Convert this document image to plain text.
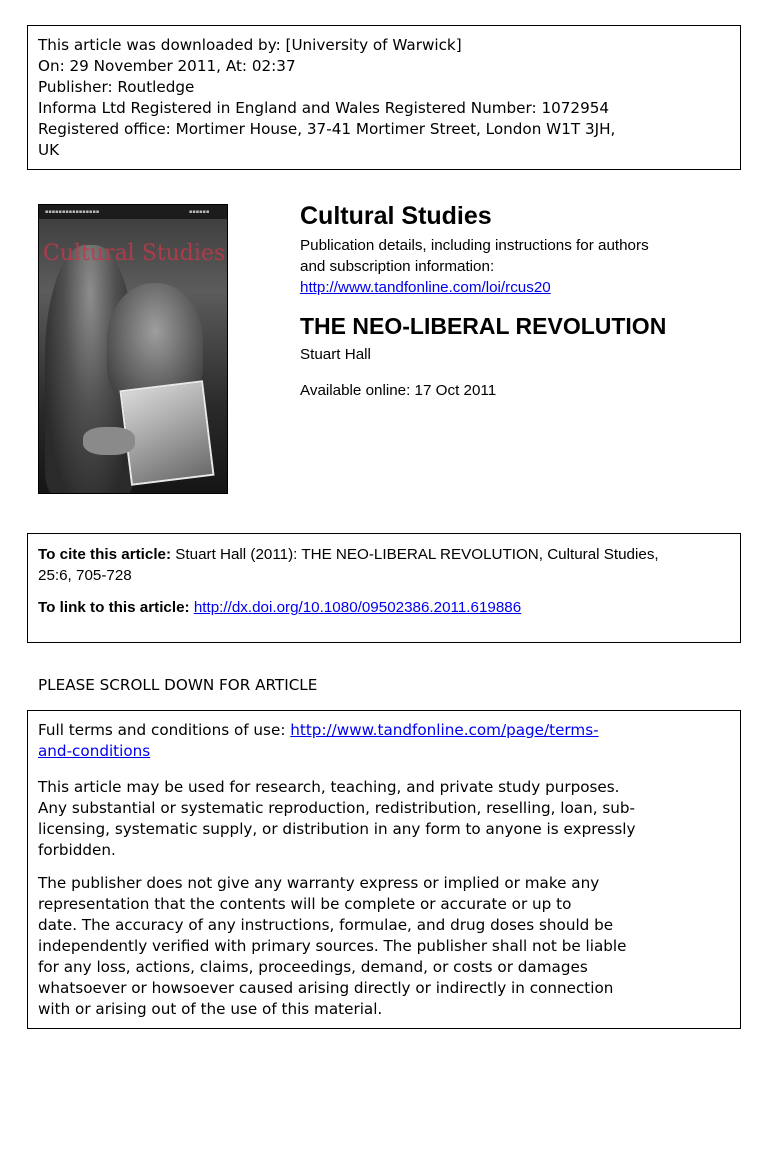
This article was downloaded by: [University of Warwick]
On: 29 November 2011, At: 02:37
Publisher: Routledge
Informa Ltd Registered in England and Wales Registered Number: 1072954
Registered office: Mortimer House, 37-41 Mortimer Street, London W1T 3JH,
UK
▪▪▪▪▪▪▪▪▪▪▪▪▪▪▪▪	▪▪▪▪▪▪
Cultural Studies
Cultural Studies
Publication details, including instructions for authors
and subscription information:
http://www.tandfonline.com/loi/rcus20
THE NEO-LIBERAL REVOLUTION
Stuart Hall
Available online: 17 Oct 2011
To cite this article: Stuart Hall (2011): THE NEO-LIBERAL REVOLUTION, Cultural Studies,
25:6, 705-728
To link to this article: http://dx.doi.org/10.1080/09502386.2011.619886
PLEASE SCROLL DOWN FOR ARTICLE
Full terms and conditions of use: http://www.tandfonline.com/page/terms-
and-conditions
This article may be used for research, teaching, and private study purposes.
Any substantial or systematic reproduction, redistribution, reselling, loan, sub-
licensing, systematic supply, or distribution in any form to anyone is expressly
forbidden.
The publisher does not give any warranty express or implied or make any
representation that the contents will be complete or accurate or up to
date. The accuracy of any instructions, formulae, and drug doses should be
independently verified with primary sources. The publisher shall not be liable
for any loss, actions, claims, proceedings, demand, or costs or damages
whatsoever or howsoever caused arising directly or indirectly in connection
with or arising out of the use of this material.
